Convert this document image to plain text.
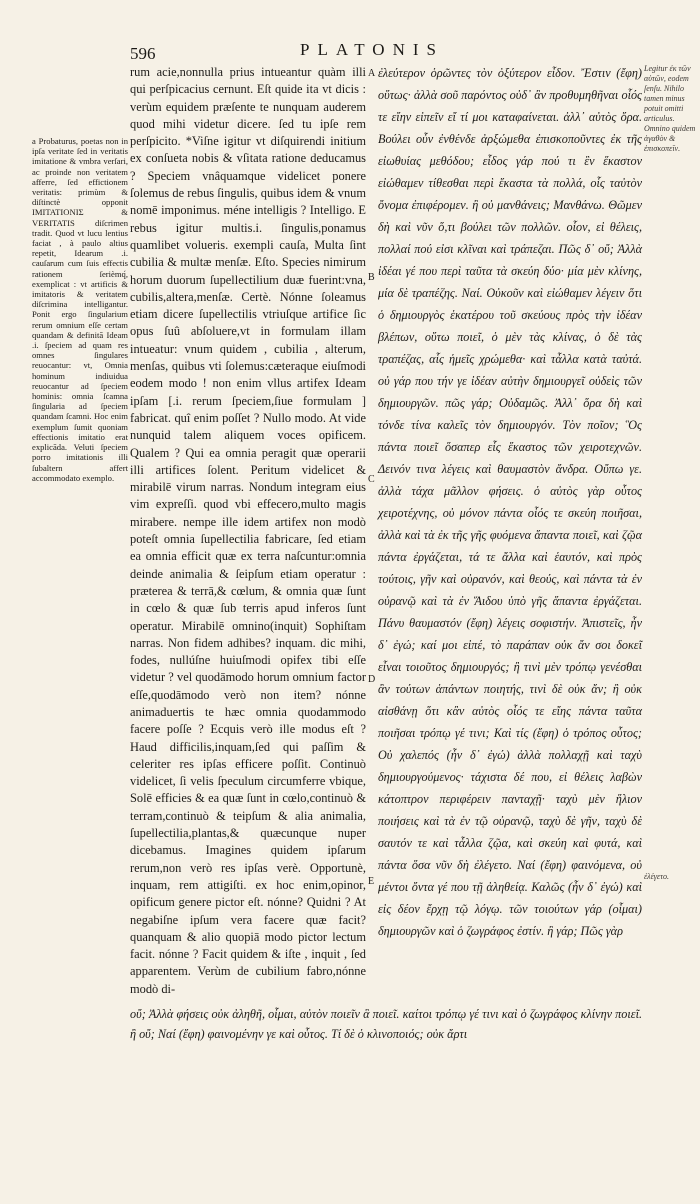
596	PLATONIS
a Probaturus, poetas non in ipſa veritate ſed in veritatis imitatione & vmbra verſari, ac proinde non veritatem afferre, ſed effictionem veritatis: primùm & diſtinctè opponit ΙΜΙΤΑΤΙΟΝΙΣ & VERITATIS diſcrimen tradit. Quod vt lucu lentius faciat , à paulo altius repetit, Idearum .i. cauſarum cum ſuis effectis rationem ſerièmq́, exemplicat : vt artificis & imitatoris & veritatem diſcrimina intelligantur. Ponit ergo ſingularium rerum omnium eſſe certam quandam & definitā Ideam .i. ſpeciem ad quam res omnes ſingulares reuocantur: vt, Omnia hominum indiuidua reuocantur ad ſpeciem hominis: omnia ſcamna ſingularia ad ſpeciem quandam ſcamni. Hoc enim exemplum ſumit quoniam effectionis imitatio erat explicāda. Veluti ſpeciem porro imitationis illi ſubaltern affert accommodato exemplo.

rum acie,nonnulla prius intueantur quàm illi qui perſpicacius cernunt. Eſt quide ita vt dicis : verùm equidem præſente te nunquam auderem quod mihi videtur dicere. ſed tu ipſe rem perſpicito. *Viſne igitur vt diſquirendi initium ex conſueta nobis & vſitata ratione deducamus ? Speciem vnâquamque videlicet ponere ſolemus de rebus ſingulis, quibus idem & vnum nomē imponimus. méne intelligis ? Intelligo. E rebus igitur multis.i. ſingulis,ponamus quamlibet volueris. exempli cauſa, Multa ſint cubilia & multæ menſæ. Eſto. Species nimirum horum duorum ſupellectilium duæ fuerint:vna, cubilis,altera,menſæ. Certè. Nónne ſoleamus etiam dicere ſupellectilis vtriuſque artifice ſic opus ſuû abſoluere,vt in formulam illam intueatur: vnum quidem , cubilia , alterum, menſas, quibus vti ſolemus:cæteraque eiuſmodi eodem modo ! non enim vllus artifex Ideam ipſam [.i. rerum ſpeciem,ſiue formulam ] fabricat. quî enim poſſet ? Nullo modo. At vide nunquid talem aliquem voces opificem. Qualem ? Qui ea omnia peragit quæ operarii illi artifices ſolent. Peritum videlicet & mirabilē virum narras. Nondum integram eius vim expreſſi. quod vbi effecero,multo magis mirabere. nempe ille idem artifex non modò poteſt omnia ſupellectilia fabricare, ſed etiam ea omnia efficit quæ ex terra naſcuntur:omnia deinde animalia & ſeipſum etiam operatur : præterea & terrā,& cœlum, & omnia quæ ſunt in cœlo & quæ ſub terris apud inferos ſunt operatur. Mirabilē omnino(inquit) Sophiſtam narras. Non fidem adhibes? inquam. dic mihi, fodes, nullúſne huiuſmodi opifex tibi eſſe videtur ? vel quodāmodo horum omnium factor eſſe,quodāmodo verò non item? nónne animaduertis te hæc omnia quodammodo facere poſſe ? Ecquis verò ille modus eſt ? Haud difficilis,inquam,ſed qui paſſim & celeriter res ipſas efficere poſſit. Continuò videlicet, ſi velis ſpeculum circumferre vbique, Solē efficies & ea quæ ſunt in cœlo,continuò & terram,continuò & teipſum & alia animalia, ſupellectilia,plantas,& quæcunque nuper dicebamus. Imagines quidem ipſarum rerum,non verò res ipſas verè. Opportunè, inquam, rem attigiſti. ex hoc enim,opinor, opificum genere pictor eſt. nónne? Quidni ? At negabiſne ipſum vera facere quæ facit? quanquam & alio quopiā modo pictor lectum facit. nónne ? Facit quidem & iſte , inquit , ſed apparentem. Verùm de cubilium fabro,nónne modò di-

A
B
C
D
E

ἐλεύτερον ὁρῶντες τὸν ὀξύτερον εἶδον. Ἔστιν (ἔφη) οὕτως· ἀλλὰ σοῦ παρόντος οὐδ᾽ ἂν προθυμηθῆναι οἷός τε εἴην εἰπεῖν εἴ τί μοι καταφαίνεται. ἀλλ᾽ αὐτὸς ὅρα. Βούλει οὖν ἐνθένδε ἀρξώμεθα ἐπισκοποῦντες ἐκ τῆς εἰωθυίας μεθόδου; εἶδος γάρ πού τι ἓν ἕκαστον εἰώθαμεν τίθεσθαι περὶ ἕκαστα τὰ πολλά, οἷς ταὐτὸν ὄνομα ἐπιφέρομεν. ἢ οὐ μανθάνεις; Μανθάνω. Θῶμεν δὴ καὶ νῦν ὅ,τι βούλει τῶν πολλῶν. οἷον, εἰ θέλεις, πολλαί πού εἰσι κλῖναι καὶ τράπεζαι. Πῶς δ᾽ οὔ; Ἀλλὰ ἰδέαι γέ που περὶ ταῦτα τὰ σκεύη δύο· μία μὲν κλίνης, μία δὲ τραπέζης. Ναί. Οὐκοῦν καὶ εἰώθαμεν λέγειν ὅτι ὁ δημιουργὸς ἑκατέρου τοῦ σκεύους πρὸς τὴν ἰδέαν βλέπων, οὕτω ποιεῖ, ὁ μὲν τὰς κλίνας, ὁ δὲ τὰς τραπέζας, αἷς ἡμεῖς χρώμεθα· καὶ τἆλλα κατὰ ταὐτά. οὐ γάρ που τήν γε ἰδέαν αὐτὴν δημιουργεῖ οὐδεὶς τῶν δημιουργῶν. πῶς γάρ; Οὐδαμῶς. Ἀλλ᾽ ὅρα δὴ καὶ τόνδε τίνα καλεῖς τὸν δημιουργόν. Τὸν ποῖον; Ὃς πάντα ποιεῖ ὅσαπερ εἷς ἕκαστος τῶν χειροτεχνῶν. Δεινόν τινα λέγεις καὶ θαυμαστὸν ἄνδρα. Οὔπω γε. ἀλλὰ τάχα μᾶλλον φήσεις. ὁ αὐτὸς γὰρ οὗτος χειροτέχνης, οὐ μόνον πάντα οἷός τε σκεύη ποιῆσαι, ἀλλὰ καὶ τὰ ἐκ τῆς γῆς φυόμενα ἅπαντα ποιεῖ, καὶ ζῷα πάντα ἐργάζεται, τά τε ἄλλα καὶ ἑαυτόν, καὶ πρὸς τούτοις, γῆν καὶ οὐρανόν, καὶ θεούς, καὶ πάντα τὰ ἐν οὐρανῷ καὶ τὰ ἐν Ἅιδου ὑπὸ γῆς ἅπαντα ἐργάζεται. Πάνυ θαυμαστόν (ἔφη) λέγεις σοφιστήν. Ἀπιστεῖς, ἦν δ᾽ ἐγώ; καί μοι εἰπέ, τὸ παράπαν οὐκ ἄν σοι δοκεῖ εἶναι τοιοῦτος δημιουργός; ἢ τινὶ μὲν τρόπῳ γενέσθαι ἂν τούτων ἁπάντων ποιητής, τινὶ δὲ οὐκ ἄν; ἢ οὐκ αἰσθάνῃ ὅτι κἂν αὐτὸς οἷός τε εἴης πάντα ταῦτα ποιῆσαι τρόπῳ γέ τινι; Καὶ τίς (ἔφη) ὁ τρόπος οὗτος; Οὐ χαλεπός (ἦν δ᾽ ἐγώ) ἀλλὰ πολλαχῇ καὶ ταχὺ δημιουργούμενος· τάχιστα δέ που, εἰ θέλεις λαβὼν κάτοπτρον περιφέρειν πανταχῇ· ταχὺ μὲν ἥλιον ποιήσεις καὶ τὰ ἐν τῷ οὐρανῷ, ταχὺ δὲ γῆν, ταχὺ δὲ σαυτόν τε καὶ τἆλλα ζῷα, καὶ σκεύη καὶ φυτά, καὶ πάντα ὅσα νῦν δὴ ἐλέγετο. Ναί (ἔφη) φαινόμενα, οὐ μέντοι ὄντα γέ που τῇ ἀληθείᾳ. Καλῶς (ἦν δ᾽ ἐγώ) καὶ εἰς δέον ἔρχῃ τῷ λόγῳ. τῶν τοιούτων γάρ (οἶμαι) δημιουργῶν καὶ ὁ ζωγράφος ἐστίν. ἢ γάρ; Πῶς γὰρ

Legitur ἐκ τῶν αὐτῶν, eodem ſenſu. Nihilo tamen minus potuit omitti articulus. Omnino quidem ἀγαθὸν & ἐπισκοπεῖν.
ἑλέγετο.
οὔ; Ἀλλὰ φήσεις οὐκ ἀληθῆ, οἶμαι, αὐτὸν ποιεῖν ἃ ποιεῖ. καίτοι τρόπῳ γέ τινι καὶ ὁ ζωγράφος κλίνην ποιεῖ. ἢ οὔ; Ναί (ἔφη) φαινομένην γε καὶ οὗτος. Τί δὲ ὁ κλινοποιός; οὐκ ἄρτι
